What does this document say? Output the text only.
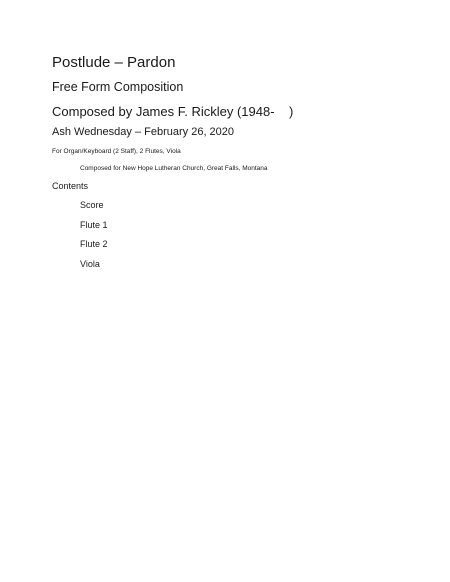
Postlude – Pardon

Free Form Composition

Composed by James F. Rickley (1948-    )

Ash Wednesday – February 26, 2020

For Organ/Keyboard (2 Staff), 2 Flutes, Viola

Composed for New Hope Lutheran Church, Great Falls, Montana

Contents

Score
Flute 1
Flute 2
Viola
